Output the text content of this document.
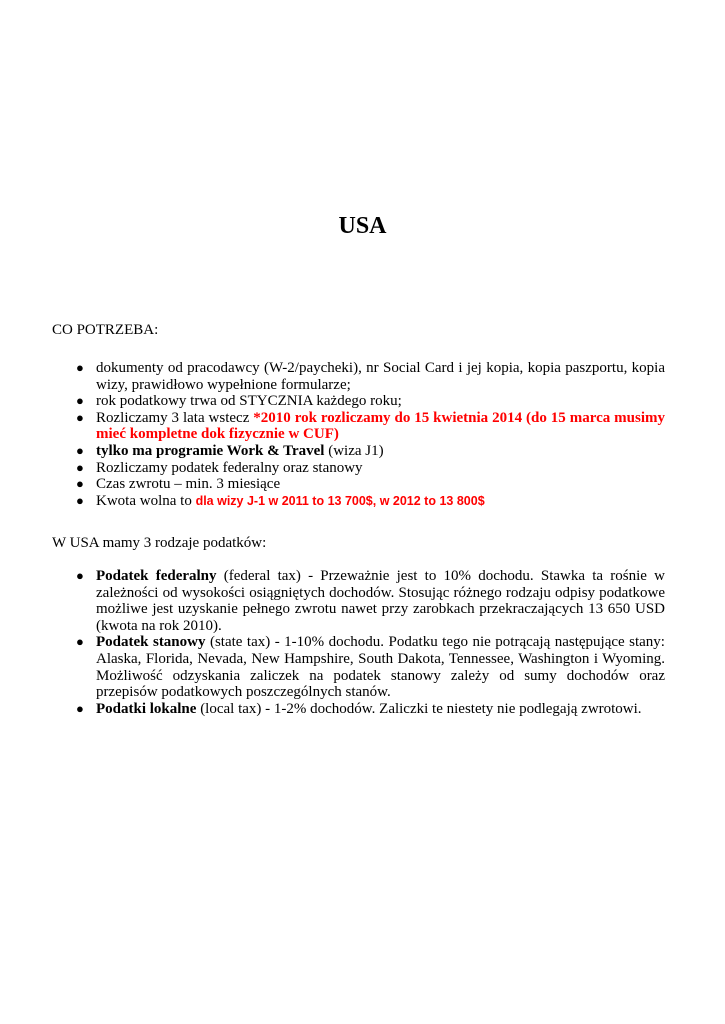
USA

CO POTRZEBA:

● dokumenty od pracodawcy (W-2/paycheki), nr Social Card i jej kopia, kopia paszportu, kopia wizy, prawidłowo wypełnione formularze;
● rok podatkowy trwa od STYCZNIA każdego roku;
● Rozliczamy 3 lata wstecz *2010 rok rozliczamy do 15 kwietnia 2014 (do 15 marca musimy mieć kompletne dok fizycznie w CUF)
● tylko ma programie Work & Travel (wiza J1)
● Rozliczamy podatek federalny oraz stanowy
● Czas zwrotu – min. 3 miesiące
● Kwota wolna to dla wizy J-1 w 2011 to 13 700$, w 2012 to 13 800$

W USA mamy 3 rodzaje podatków:

● Podatek federalny (federal tax) - Przeważnie jest to 10% dochodu. Stawka ta rośnie w zależności od wysokości osiągniętych dochodów. Stosując różnego rodzaju odpisy podatkowe możliwe jest uzyskanie pełnego zwrotu nawet przy zarobkach przekraczających 13 650 USD (kwota na rok 2010).
● Podatek stanowy (state tax) - 1-10% dochodu. Podatku tego nie potrącają następujące stany: Alaska, Florida, Nevada, New Hampshire, South Dakota, Tennessee, Washington i Wyoming. Możliwość odzyskania zaliczek na podatek stanowy zależy od sumy dochodów oraz przepisów podatkowych poszczególnych stanów.
● Podatki lokalne (local tax) - 1-2% dochodów. Zaliczki te niestety nie podlegają zwrotowi.
